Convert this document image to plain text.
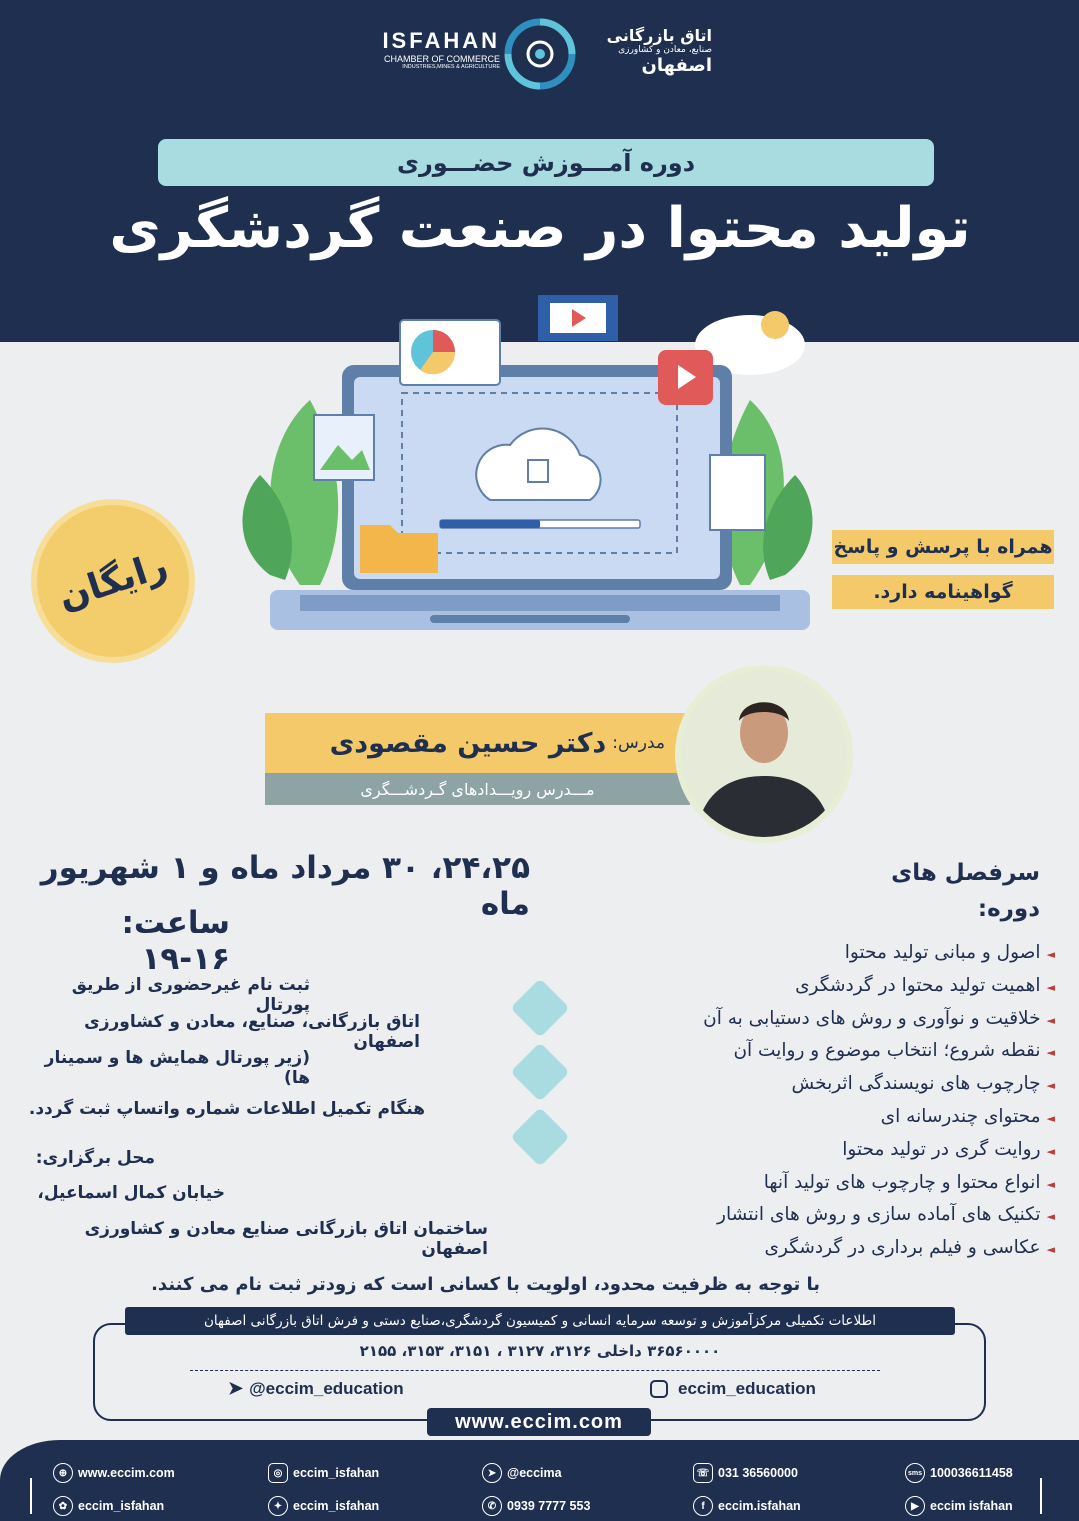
ISFAHAN
CHAMBER OF COMMERCE
INDUSTRIES,MINES & AGRICULTURE
اتاق بازرگانی
صنایع، معادن و کشاورزی
اصفهان
دوره آمـــوزش حضـــوری
تولید محتوا در صنعت گردشگری
رایگان	همراه با پرسش و پاسخ
گواهینامه دارد.
مدرس:
دکتر حسین مقصودی
مـــدرس رویـــدادهای گـردشـــگری
۲۴،۲۵، ۳۰ مرداد ماه و ۱ شهریور ماه
ساعت: ۱۶-۱۹
سرفصل های
دوره:
◄ اصول و مبانی تولید محتوا
◄ اهمیت تولید محتوا در گردشگری
◄ خلاقیت و نوآوری و روش های دستیابی به آن
◄ نقطه شروع؛ انتخاب موضوع و روایت آن
◄ چارچوب های نویسندگی اثربخش
◄ محتوای چندرسانه ای
◄ روایت گری در تولید محتوا
◄ انواع محتوا و چارچوب های تولید آنها
◄ تکنیک های آماده سازی و روش های انتشار
◄ عکاسی و فیلم برداری در گردشگری
ثبت نام غیرحضوری از طریق پورتال
اتاق بازرگانی، صنایع، معادن و کشاورزی اصفهان
(زیر پورتال همایش ها و سمینار ها)
هنگام تکمیل اطلاعات شماره واتساپ ثبت گردد.
محل برگزاری:
خیابان کمال اسماعیل،
ساختمان اتاق بازرگانی صنایع معادن و کشاورزی اصفهان
با توجه به ظرفیت محدود، اولویت با کسانی است که زودتر ثبت نام می کنند.
اطلاعات تکمیلی مرکزآموزش و توسعه سرمایه انسانی و کمیسیون گردشگری،صنایع دستی و فرش اتاق بازرگانی اصفهان
۳۶۵۶۰۰۰۰ داخلی ۳۱۲۶، ۳۱۲۷ ، ۳۱۵۱، ۳۱۵۳، ۲۱۵۵
➤ @eccim_education	eccim_education
www.eccim.com
⊕ www.eccim.com
✿ eccim_isfahan
◎ eccim_isfahan
✦ eccim_isfahan
➤ @eccima
✆ 0939 7777 553
☏ 031 36560000
f	eccim.isfahan
sms 100036611458
▶ eccim isfahan
